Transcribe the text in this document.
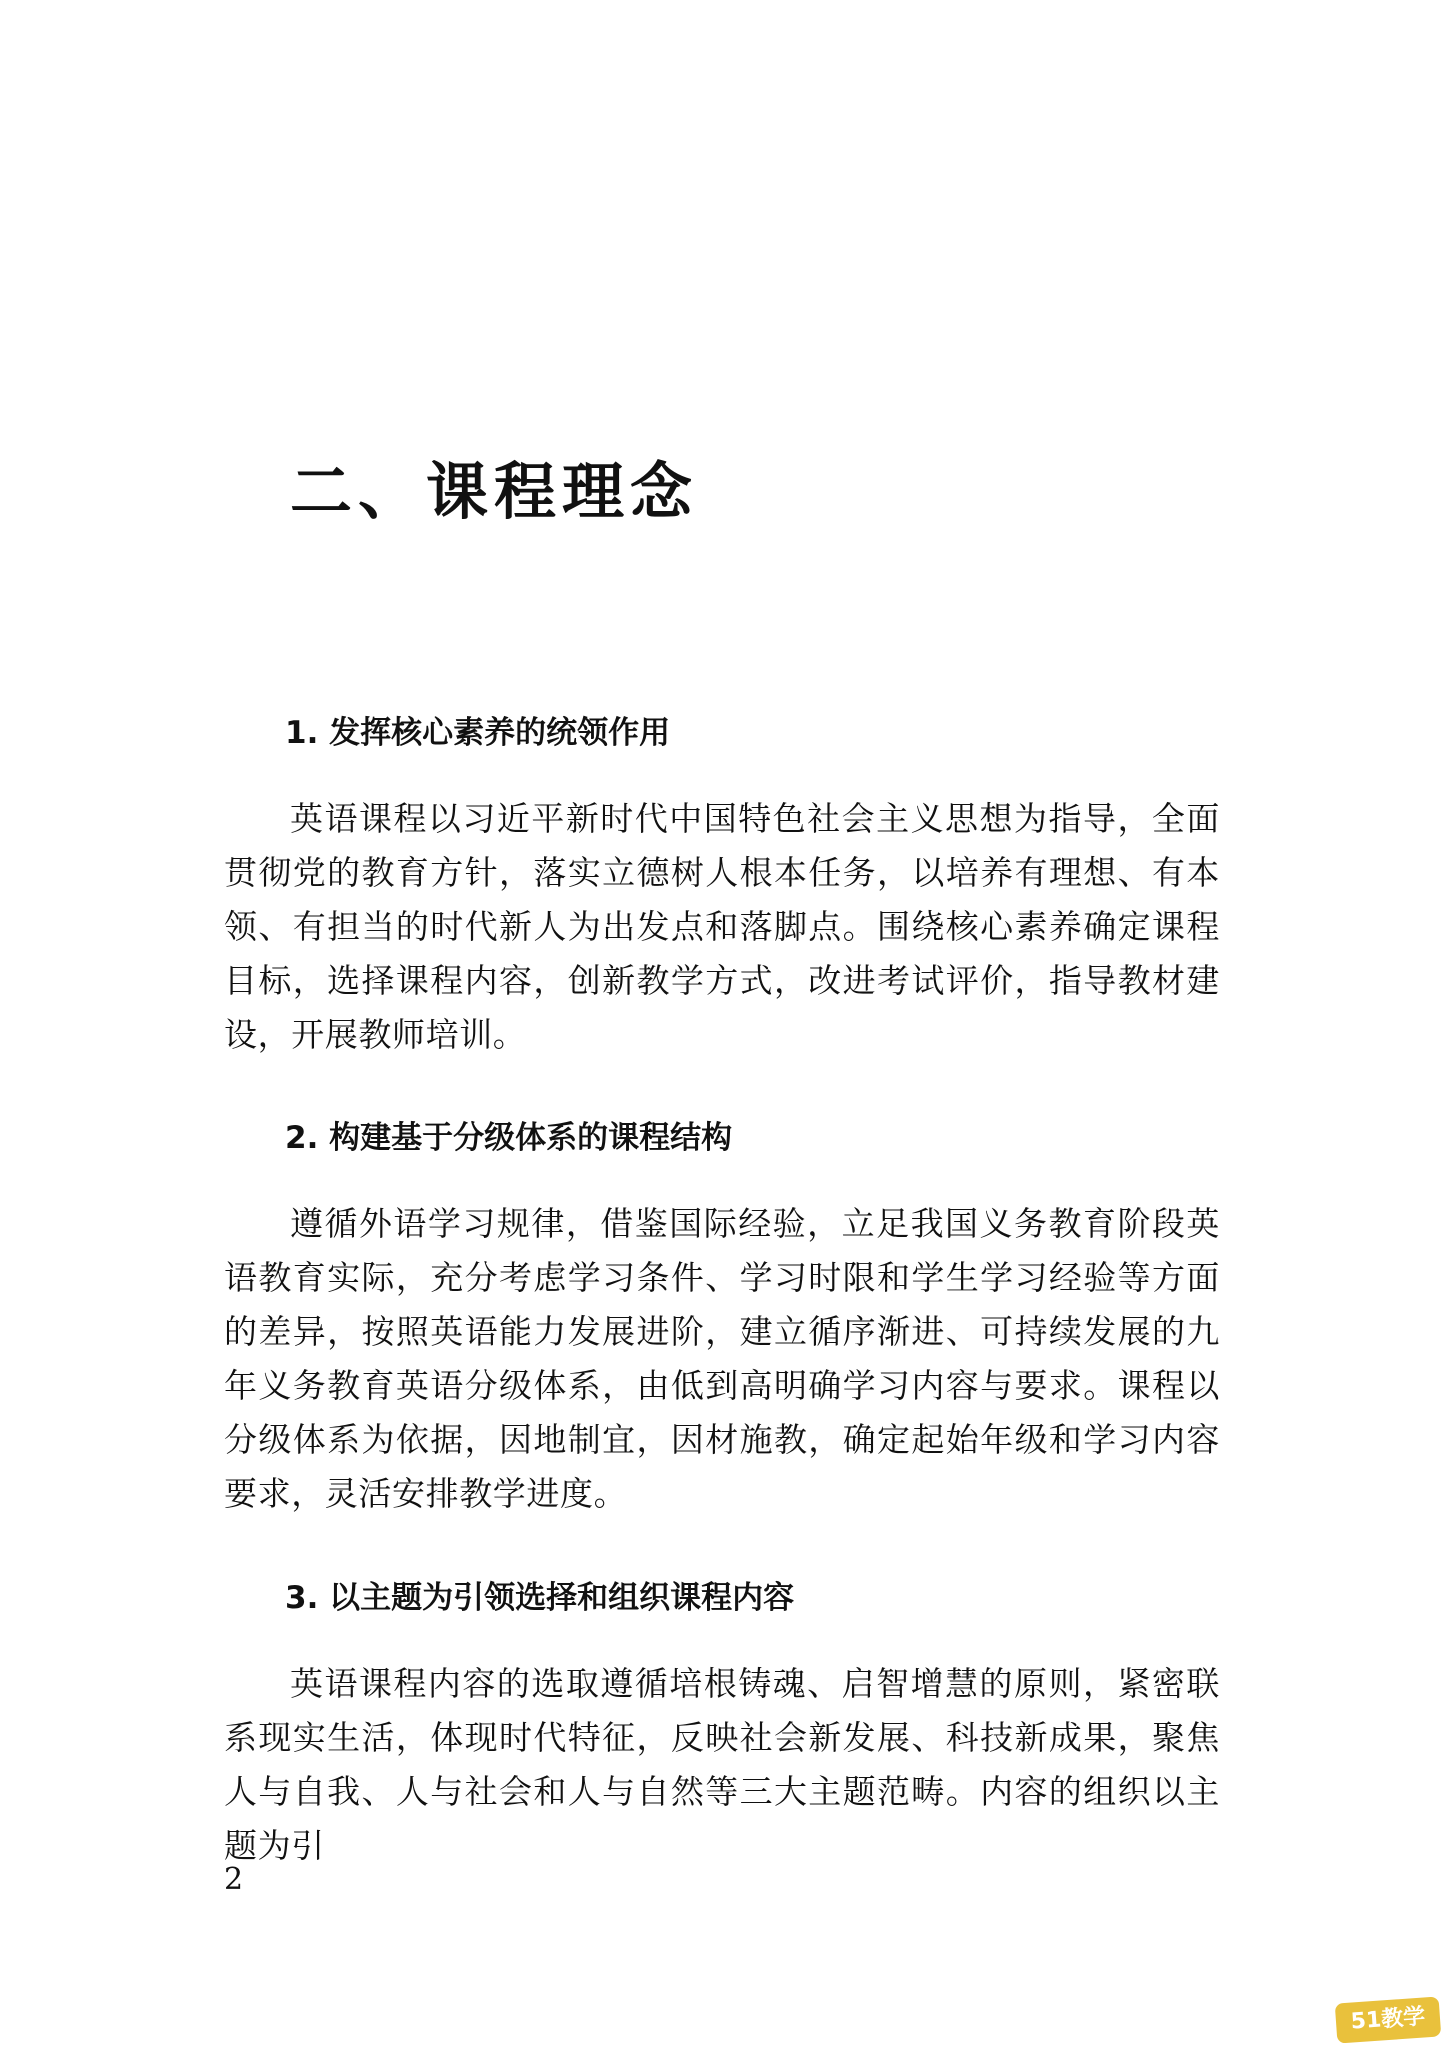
二、课程理念
1. 发挥核心素养的统领作用

英语课程以习近平新时代中国特色社会主义思想为指导，全面贯彻党的教育方针，落实立德树人根本任务，以培养有理想、有本领、有担当的时代新人为出发点和落脚点。围绕核心素养确定课程目标，选择课程内容，创新教学方式，改进考试评价，指导教材建设，开展教师培训。

2. 构建基于分级体系的课程结构

遵循外语学习规律，借鉴国际经验，立足我国义务教育阶段英语教育实际，充分考虑学习条件、学习时限和学生学习经验等方面的差异，按照英语能力发展进阶，建立循序渐进、可持续发展的九年义务教育英语分级体系，由低到高明确学习内容与要求。课程以分级体系为依据，因地制宜，因材施教，确定起始年级和学习内容要求，灵活安排教学进度。

3. 以主题为引领选择和组织课程内容

英语课程内容的选取遵循培根铸魂、启智增慧的原则，紧密联系现实生活，体现时代特征，反映社会新发展、科技新成果，聚焦人与自我、人与社会和人与自然等三大主题范畴。内容的组织以主题为引

2
51教学
